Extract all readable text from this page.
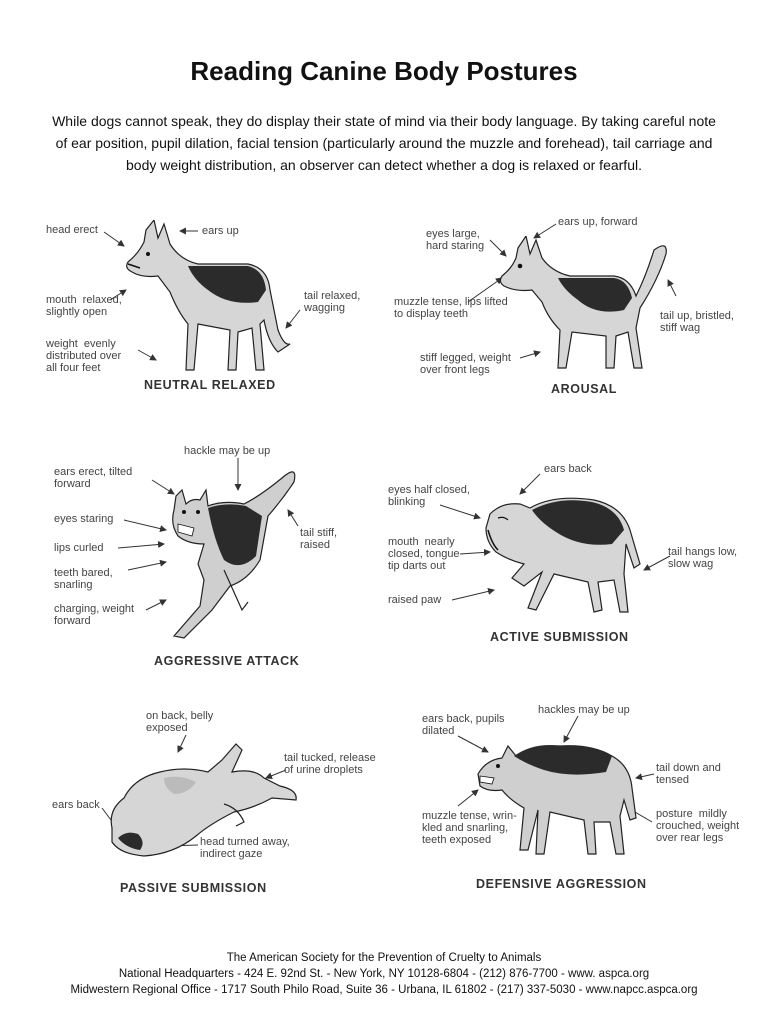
Reading Canine Body Postures
While dogs cannot speak, they do display their state of mind via their body language. By taking careful note of ear position, pupil dilation, facial tension (particularly around the muzzle and forehead), tail carriage and body weight distribution, an observer can detect whether a dog is relaxed or fearful.
head erect	ears up
mouth  relaxed,
slightly open
tail relaxed,
wagging
weight  evenly
distributed over
all four feet
NEUTRAL RELAXED
eyes large,
hard staring
ears up, forward
muzzle tense, lips lifted
to display teeth	tail up, bristled,
stiff wag
stiff legged, weight
over front legs
AROUSAL
hackle may be up
ears erect, tilted
forward
eyes staring
lips curled
teeth bared,
snarling
charging, weight
forward
tail stiff,
raised
AGGRESSIVE ATTACK
ears back
eyes half closed,
blinking
mouth  nearly
closed, tongue
tip darts out
raised paw
tail hangs low,
slow wag
ACTIVE SUBMISSION
on back, belly
exposed
tail tucked, release
of urine droplets
ears back
head turned away,
indirect gaze
PASSIVE SUBMISSION
hackles may be up
ears back, pupils
dilated
tail down and
tensed
muzzle tense, wrin-
kled and snarling,
teeth exposed
posture  mildly
crouched, weight
over rear legs
DEFENSIVE AGGRESSION
The American Society for the Prevention of Cruelty to Animals
National Headquarters - 424 E. 92nd St. - New York, NY 10128-6804 - (212) 876-7700 - www. aspca.org
Midwestern Regional Office - 1717 South Philo Road, Suite 36 - Urbana, IL 61802 - (217) 337-5030 - www.napcc.aspca.org
